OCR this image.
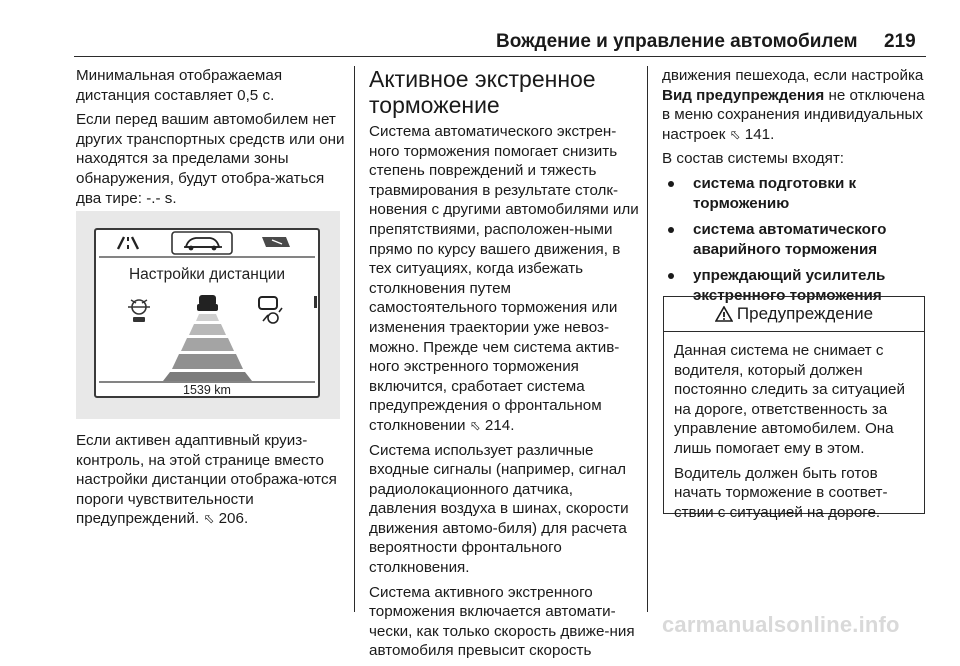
Вождение и управление автомобилем 219

Минимальная отображаемая дистанция составляет 0,5 с.

Если перед вашим автомобилем нет других транспортных средств или они находятся за пределами зоны обнаружения, будут отобра-жаться два тире: -.- s.

Настройки дистанции
1539 km

Если активен адаптивный круиз-контроль, на этой странице вместо настройки дистанции отобража-ются пороги чувствительности предупреждений. ⬁ 206.

Активное экстренное торможение

Система автоматического экстрен-ного торможения помогает снизить степень повреждений и тяжесть травмирования в результате столк-новения с другими автомобилями или препятствиями, расположен-ными прямо по курсу вашего движения, в тех ситуациях, когда избежать столкновения путем самостоятельного торможения или изменения траектории уже невоз-можно. Прежде чем система актив-ного экстренного торможения включится, сработает система предупреждения о фронтальном столкновении ⬁ 214.

Система использует различные входные сигналы (например, сигнал радиолокационного датчика, давления воздуха в шинах, скорости движения автомо-биля) для расчета вероятности фронтального столкновения.

Система активного экстренного торможения включается автомати-чески, как только скорость движе-ния автомобиля превысит скорость

движения пешехода, если настройка Вид предупреждения не отключена в меню сохранения индивидуальных настроек ⬁ 141.

В состав системы входят:

система подготовки к торможению
система автоматического аварийного торможения
упреждающий усилитель экстренного торможения
Предупреждение

Данная система не снимает с водителя, который должен постоянно следить за ситуацией на дороге, ответственность за управление автомобилем. Она лишь помогает ему в этом.

Водитель должен быть готов начать торможение в соответ-ствии с ситуацией на дороге.

carmanualsonline.info
